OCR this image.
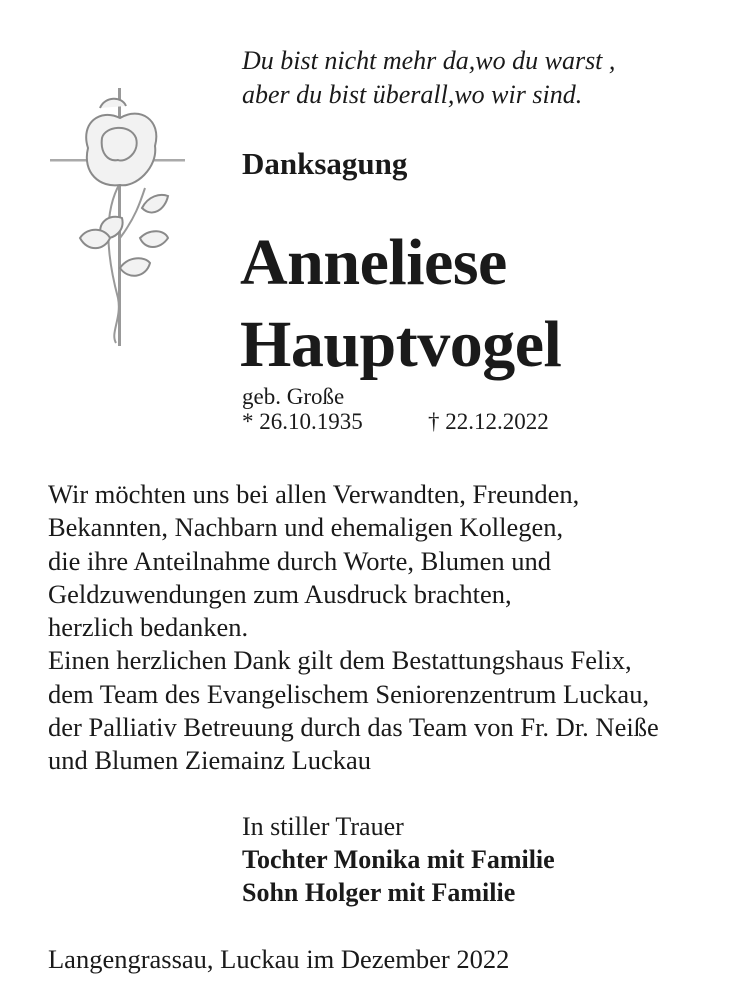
Du bist nicht mehr da,wo du warst ,
aber du bist überall,wo wir sind.
Danksagung
Anneliese
Hauptvogel
geb. Große
* 26.10.1935	† 22.12.2022
Wir möchten uns bei allen Verwandten, Freunden,
Bekannten, Nachbarn und ehemaligen Kollegen,
die ihre Anteilnahme durch Worte, Blumen und
Geldzuwendungen zum Ausdruck brachten,
herzlich bedanken.
Einen herzlichen Dank gilt dem Bestattungshaus Felix,
dem Team des Evangelischem Seniorenzentrum Luckau,
der Palliativ Betreuung durch das Team von Fr. Dr. Neiße
und Blumen Ziemainz Luckau
In stiller Trauer
Tochter Monika mit Familie
Sohn Holger mit Familie
Langengrassau, Luckau im Dezember 2022
